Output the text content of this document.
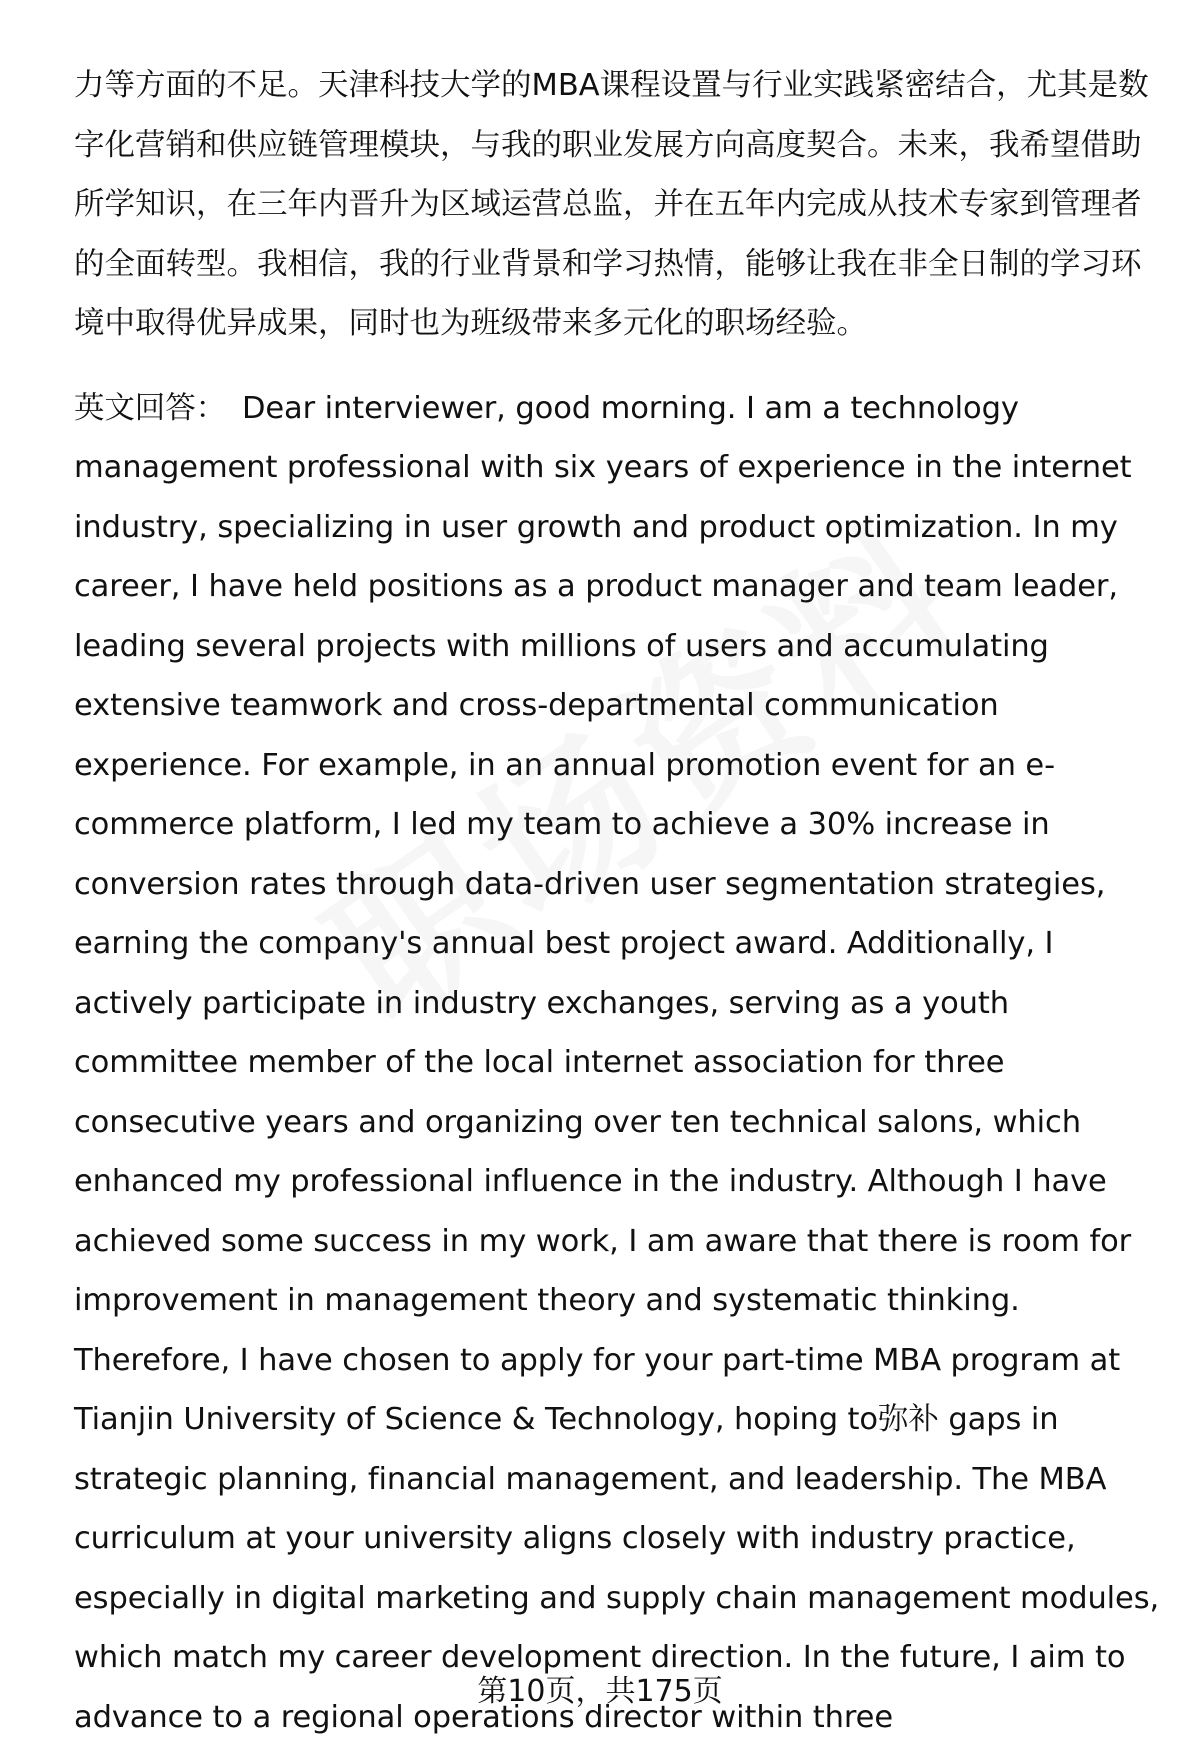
力等方面的不足。天津科技大学的MBA课程设置与行业实践紧密结合，尤其是数字化营销和供应链管理模块，与我的职业发展方向高度契合。未来，我希望借助所学知识，在三年内晋升为区域运营总监，并在五年内完成从技术专家到管理者的全面转型。我相信，我的行业背景和学习热情，能够让我在非全日制的学习环境中取得优异成果，同时也为班级带来多元化的职场经验。

英文回答： Dear interviewer, good morning. I am a technology management professional with six years of experience in the internet industry, specializing in user growth and product optimization. In my career, I have held positions as a product manager and team leader, leading several projects with millions of users and accumulating extensive teamwork and cross-departmental communication experience. For example, in an annual promotion event for an e-commerce platform, I led my team to achieve a 30% increase in conversion rates through data-driven user segmentation strategies, earning the company's annual best project award. Additionally, I actively participate in industry exchanges, serving as a youth committee member of the local internet association for three consecutive years and organizing over ten technical salons, which enhanced my professional influence in the industry. Although I have achieved some success in my work, I am aware that there is room for improvement in management theory and systematic thinking. Therefore, I have chosen to apply for your part-time MBA program at Tianjin University of Science & Technology, hoping to弥补 gaps in strategic planning, financial management, and leadership. The MBA curriculum at your university aligns closely with industry practice, especially in digital marketing and supply chain management modules, which match my career development direction. In the future, I aim to advance to a regional operations director within three

第10页，共175页
